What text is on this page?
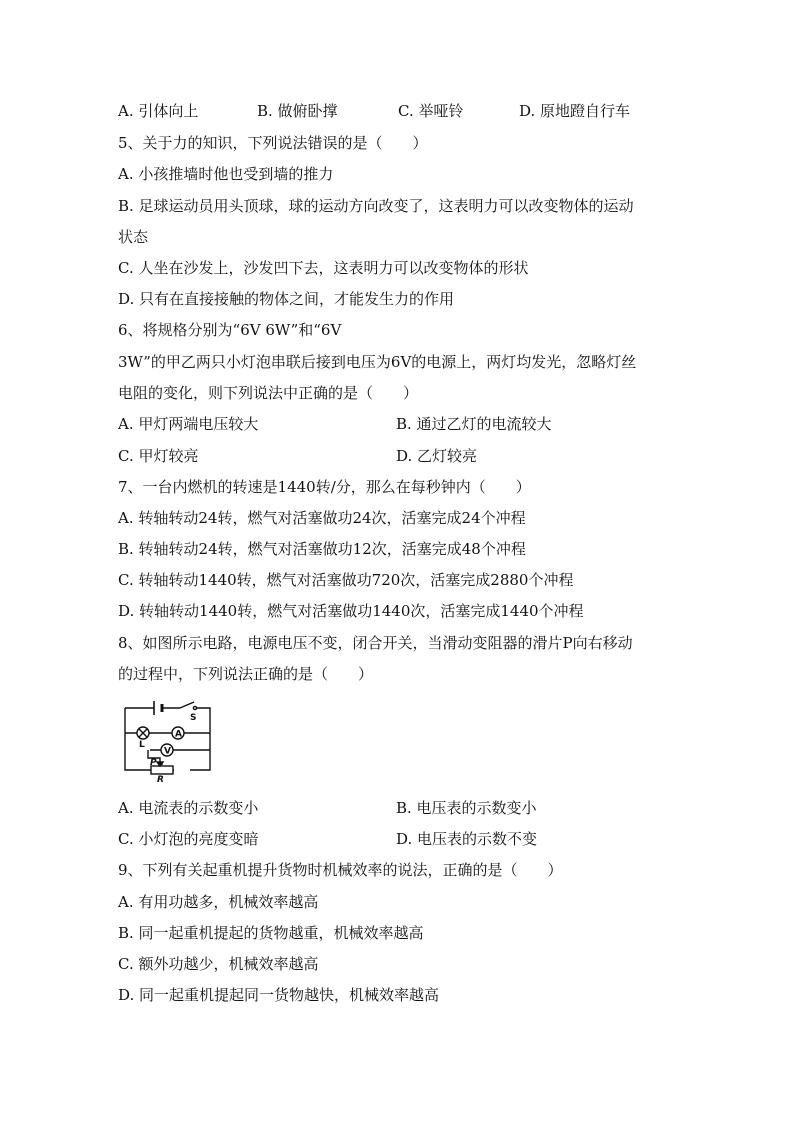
A. 引体向上	B. 做俯卧撑	C. 举哑铃	D. 原地蹬自行车
5、关于力的知识，下列说法错误的是（　　）
A. 小孩推墙时他也受到墙的推力
B. 足球运动员用头顶球，球的运动方向改变了，这表明力可以改变物体的运动
状态
C. 人坐在沙发上，沙发凹下去，这表明力可以改变物体的形状
D. 只有在直接接触的物体之间，才能发生力的作用
6、将规格分别为“6V 6W”和“6V
3W”的甲乙两只小灯泡串联后接到电压为6V的电源上，两灯均发光，忽略灯丝
电阻的变化，则下列说法中正确的是（　　）
A. 甲灯两端电压较大	B. 通过乙灯的电流较大
C. 甲灯较亮	D. 乙灯较亮
7、一台内燃机的转速是1440转/分，那么在每秒钟内（　　）
A. 转轴转动24转，燃气对活塞做功24次，活塞完成24个冲程
B. 转轴转动24转，燃气对活塞做功12次，活塞完成48个冲程
C. 转轴转动1440转，燃气对活塞做功720次，活塞完成2880个冲程
D. 转轴转动1440转，燃气对活塞做功1440次，活塞完成1440个冲程
8、如图所示电路，电源电压不变，闭合开关，当滑动变阻器的滑片P向右移动
的过程中，下列说法正确的是（　　）
S
A
L
V
P
R
A. 电流表的示数变小	B. 电压表的示数变小
C. 小灯泡的亮度变暗	D. 电压表的示数不变
9、下列有关起重机提升货物时机械效率的说法，正确的是（　　）
A. 有用功越多，机械效率越高
B. 同一起重机提起的货物越重，机械效率越高
C. 额外功越少，机械效率越高
D. 同一起重机提起同一货物越快，机械效率越高
